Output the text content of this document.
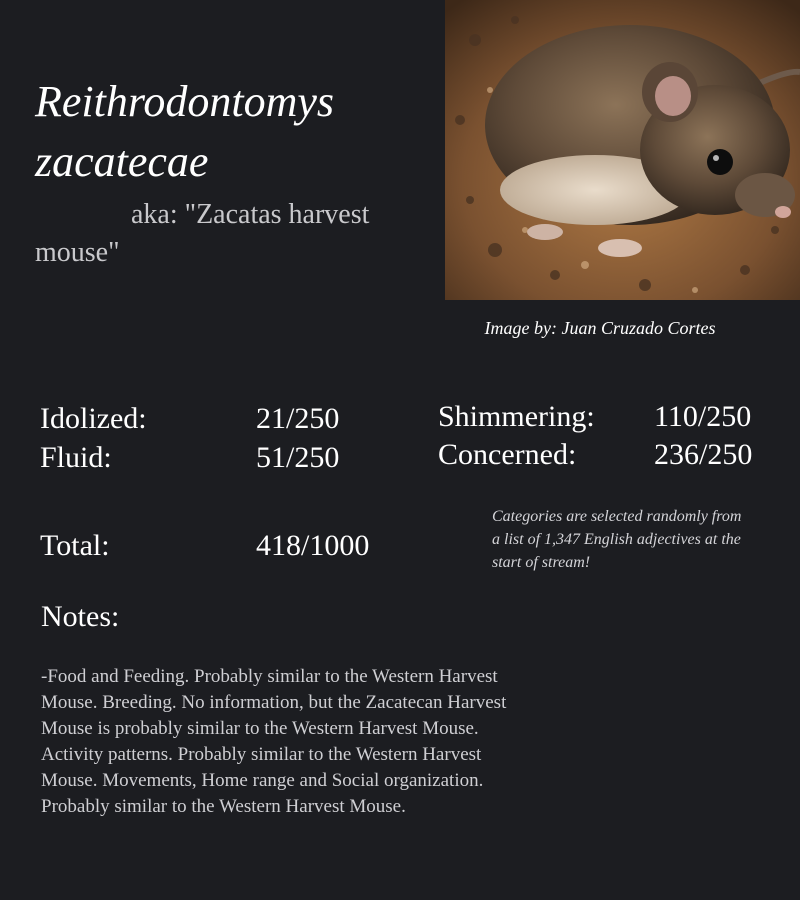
Reithrodontomys zacatecae
aka: "Zacatas harvest mouse"
Image by: Juan Cruzado Cortes
Idolized:	21/250
Fluid:	51/250
Total:	418/1000
Shimmering: 110/250
Concerned:	236/250
Categories are selected randomly from a list of 1,347 English adjectives at the start of stream!
Notes:
-Food and Feeding. Probably similar to the Western Harvest Mouse. Breeding. No information, but the Zacatecan Harvest Mouse is probably similar to the Western Harvest Mouse. Activity patterns. Probably similar to the Western Harvest Mouse. Movements, Home range and Social organization. Probably similar to the Western Harvest Mouse.
